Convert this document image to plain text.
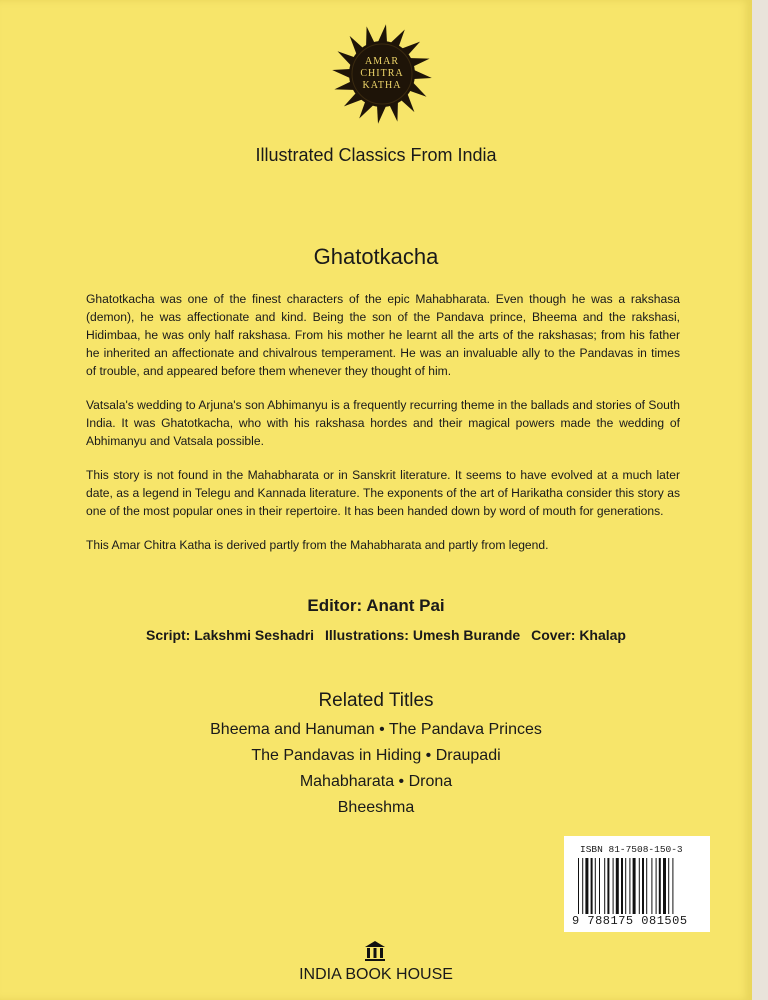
AMAR
CHITRA
KATHA
Illustrated Classics From India
Ghatotkacha

Ghatotkacha was one of the finest characters of the epic Mahabharata. Even though he was a rakshasa (demon), he was affectionate and kind. Being the son of the Pandava prince, Bheema and the rakshasi, Hidimbaa, he was only half rakshasa. From his mother he learnt all the arts of the rakshasas; from his father he inherited an affectionate and chivalrous temperament. He was an invaluable ally to the Pandavas in times of trouble, and appeared before them whenever they thought of him.

Vatsala's wedding to Arjuna's son Abhimanyu is a frequently recurring theme in the ballads and stories of South India. It was Ghatotkacha, who with his rakshasa hordes and their magical powers made the wedding of Abhimanyu and Vatsala possible.

This story is not found in the Mahabharata or in Sanskrit literature. It seems to have evolved at a much later date, as a legend in Telegu and Kannada literature. The exponents of the art of Harikatha consider this story as one of the most popular ones in their repertoire. It has been handed down by word of mouth for generations.

This Amar Chitra Katha is derived partly from the Mahabharata and partly from legend.

Editor: Anant Pai
Script: Lakshmi Seshadri Illustrations: Umesh Burande Cover: Khalap
Related Titles
Bheema and Hanuman • The Pandava Princes
The Pandavas in Hiding • Draupadi
Mahabharata • Drona
Bheeshma
ISBN 81-7508-150-3
9 788175 081505
INDIA BOOK HOUSE
